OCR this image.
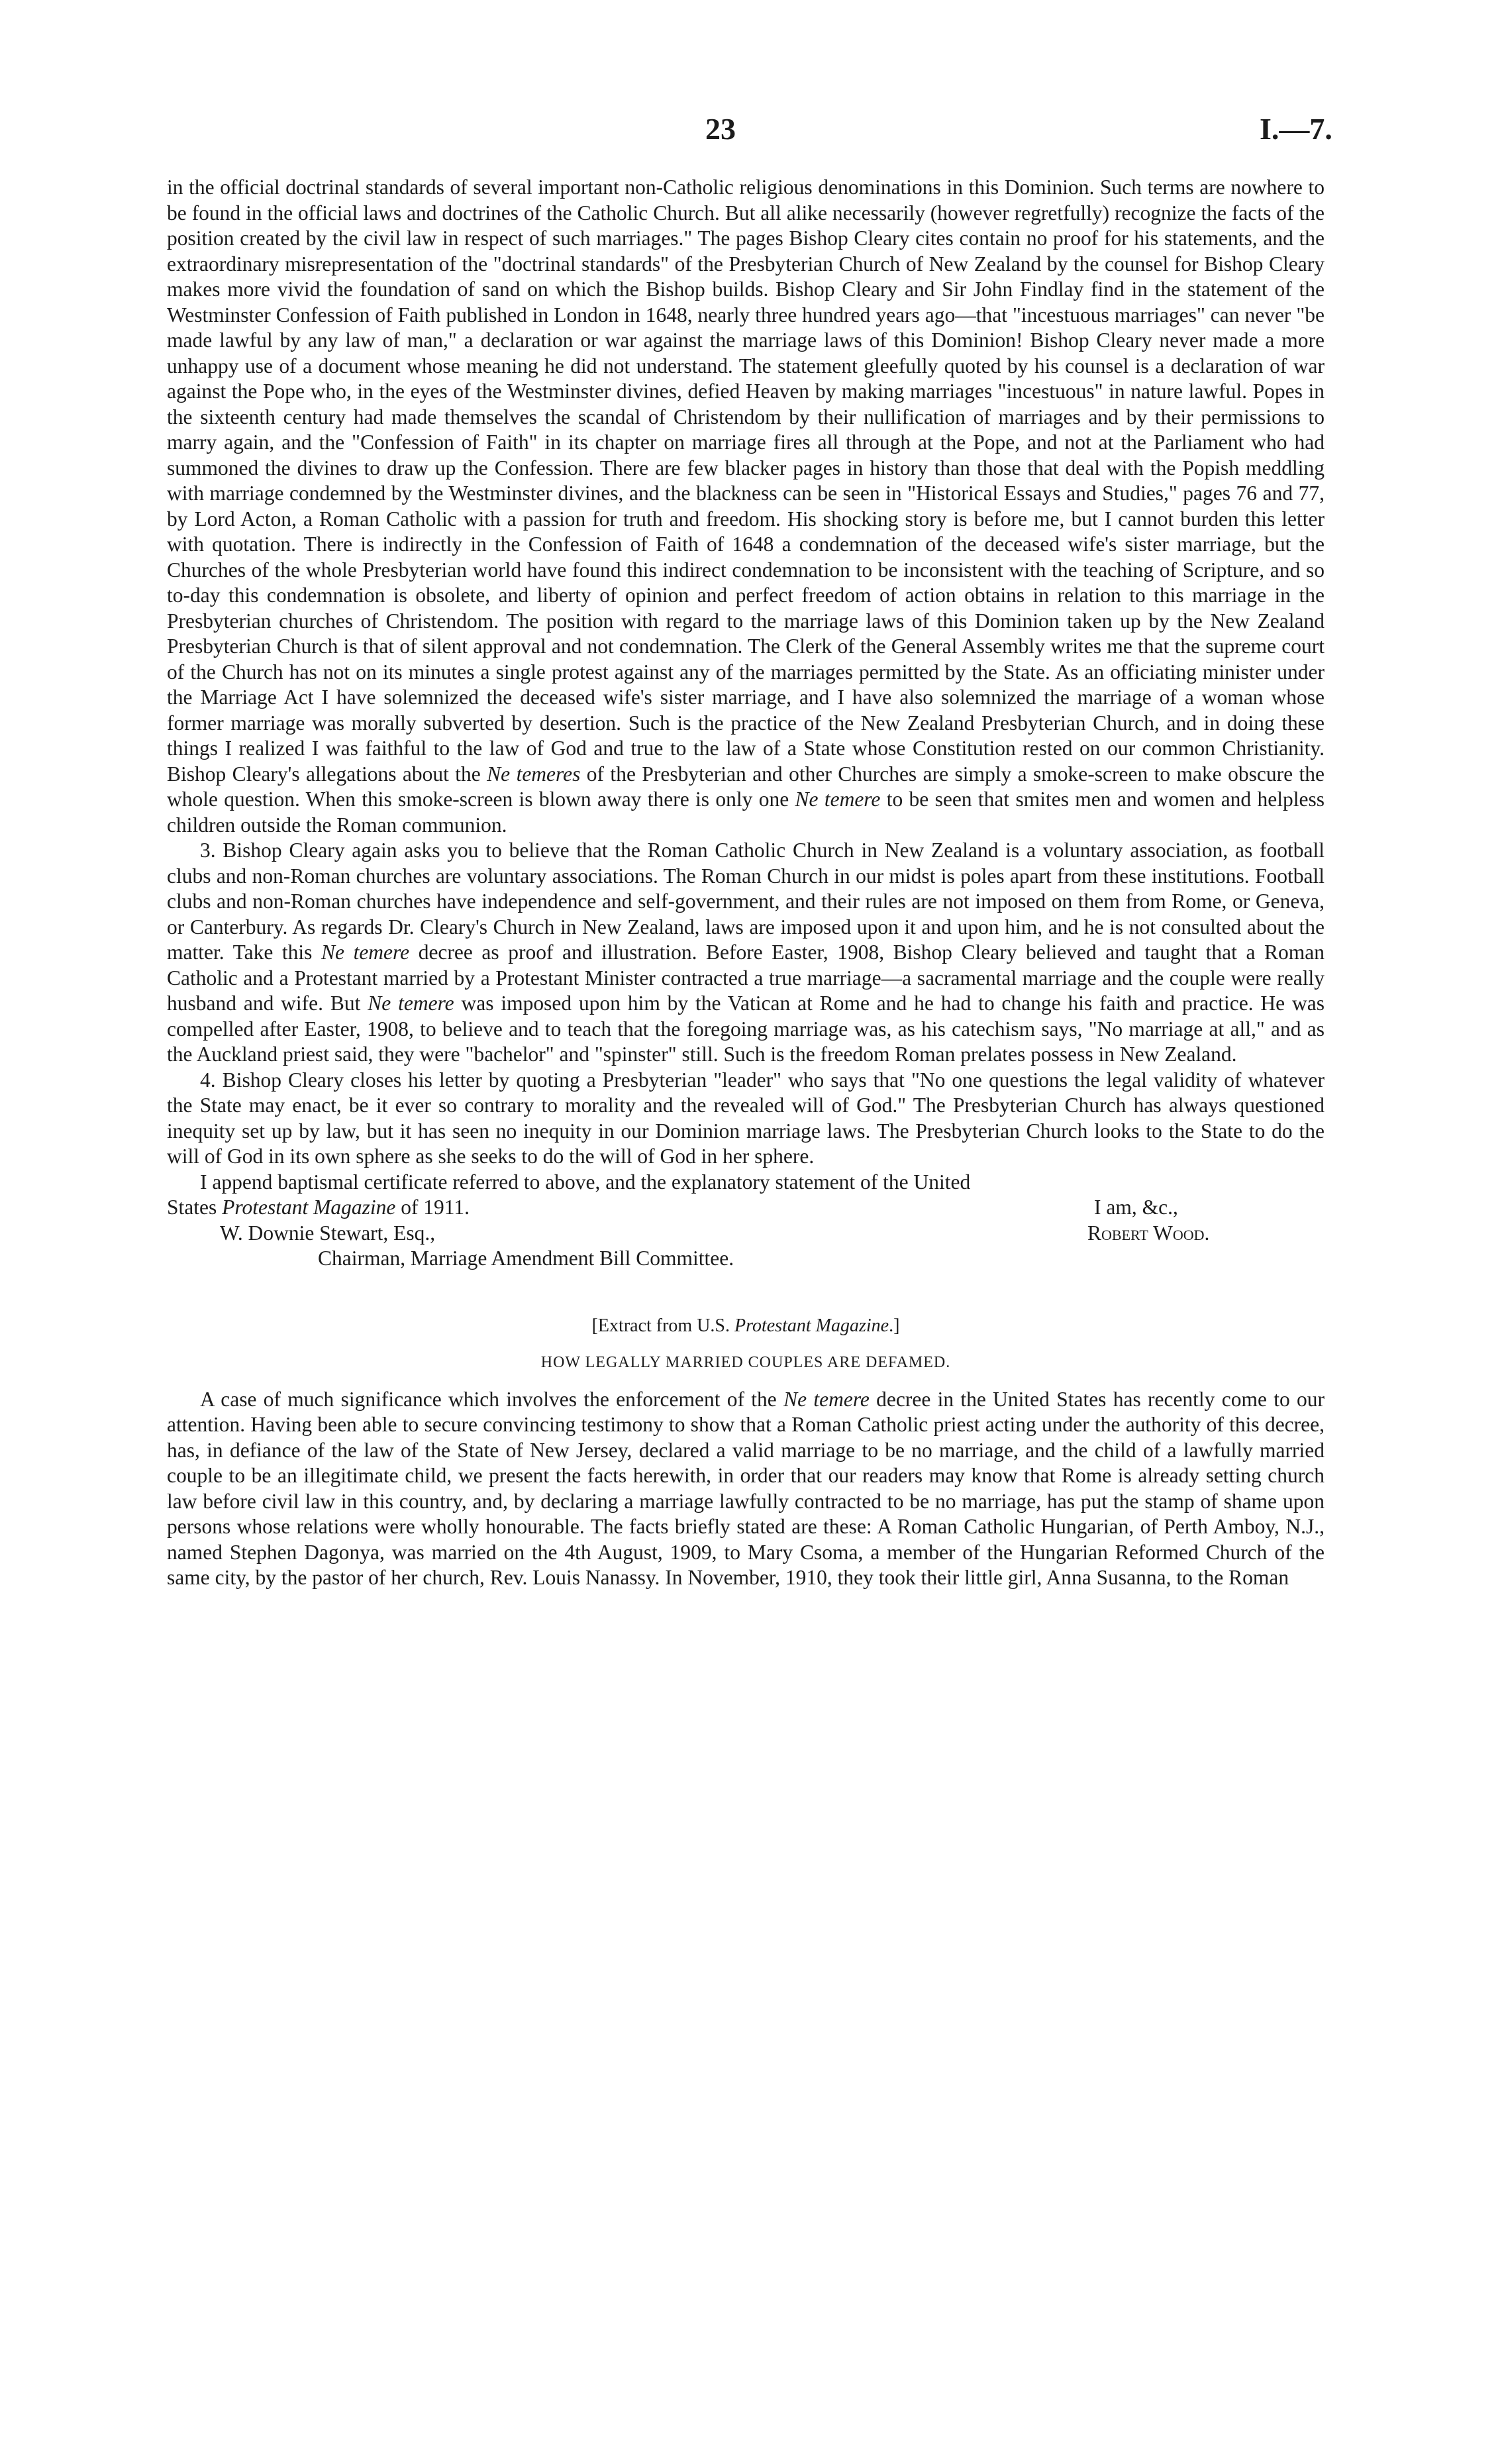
23	I.—7.

in the official doctrinal standards of several important non-Catholic religious denominations in this Dominion. Such terms are nowhere to be found in the official laws and doctrines of the Catholic Church. But all alike necessarily (however regretfully) recognize the facts of the position created by the civil law in respect of such marriages." The pages Bishop Cleary cites contain no proof for his statements, and the extraordinary misrepresentation of the "doctrinal standards" of the Presbyterian Church of New Zealand by the counsel for Bishop Cleary makes more vivid the foundation of sand on which the Bishop builds. Bishop Cleary and Sir John Findlay find in the statement of the Westminster Confession of Faith published in London in 1648, nearly three hundred years ago—that "incestuous marriages" can never "be made lawful by any law of man," a declaration or war against the marriage laws of this Dominion! Bishop Cleary never made a more unhappy use of a document whose meaning he did not understand. The statement gleefully quoted by his counsel is a declaration of war against the Pope who, in the eyes of the Westminster divines, defied Heaven by making marriages "incestuous" in nature lawful. Popes in the sixteenth century had made themselves the scandal of Christendom by their nullification of marriages and by their permissions to marry again, and the "Confession of Faith" in its chapter on marriage fires all through at the Pope, and not at the Parliament who had summoned the divines to draw up the Confession. There are few blacker pages in history than those that deal with the Popish meddling with marriage condemned by the Westminster divines, and the blackness can be seen in "Historical Essays and Studies," pages 76 and 77, by Lord Acton, a Roman Catholic with a passion for truth and freedom. His shocking story is before me, but I cannot burden this letter with quotation. There is indirectly in the Confession of Faith of 1648 a condemnation of the deceased wife's sister marriage, but the Churches of the whole Presbyterian world have found this indirect condemnation to be inconsistent with the teaching of Scripture, and so to-day this condemnation is obsolete, and liberty of opinion and perfect freedom of action obtains in relation to this marriage in the Presbyterian churches of Christendom. The position with regard to the marriage laws of this Dominion taken up by the New Zealand Presbyterian Church is that of silent approval and not condemnation. The Clerk of the General Assembly writes me that the supreme court of the Church has not on its minutes a single protest against any of the marriages permitted by the State. As an officiating minister under the Marriage Act I have solemnized the deceased wife's sister marriage, and I have also solemnized the marriage of a woman whose former marriage was morally subverted by desertion. Such is the practice of the New Zealand Presbyterian Church, and in doing these things I realized I was faithful to the law of God and true to the law of a State whose Constitution rested on our common Christianity. Bishop Cleary's allegations about the Ne temeres of the Presbyterian and other Churches are simply a smoke-screen to make obscure the whole question. When this smoke-screen is blown away there is only one Ne temere to be seen that smites men and women and helpless children outside the Roman communion.

3. Bishop Cleary again asks you to believe that the Roman Catholic Church in New Zealand is a voluntary association, as football clubs and non-Roman churches are voluntary associations. The Roman Church in our midst is poles apart from these institutions. Football clubs and non-Roman churches have independence and self-government, and their rules are not imposed on them from Rome, or Geneva, or Canterbury. As regards Dr. Cleary's Church in New Zealand, laws are imposed upon it and upon him, and he is not consulted about the matter. Take this Ne temere decree as proof and illustration. Before Easter, 1908, Bishop Cleary believed and taught that a Roman Catholic and a Protestant married by a Protestant Minister contracted a true marriage—a sacramental marriage and the couple were really husband and wife. But Ne temere was imposed upon him by the Vatican at Rome and he had to change his faith and practice. He was compelled after Easter, 1908, to believe and to teach that the foregoing marriage was, as his catechism says, "No marriage at all," and as the Auckland priest said, they were "bachelor" and "spinster" still. Such is the freedom Roman prelates possess in New Zealand.

4. Bishop Cleary closes his letter by quoting a Presbyterian "leader" who says that "No one questions the legal validity of whatever the State may enact, be it ever so contrary to morality and the revealed will of God." The Presbyterian Church has always questioned inequity set up by law, but it has seen no inequity in our Dominion marriage laws. The Presbyterian Church looks to the State to do the will of God in its own sphere as she seeks to do the will of God in her sphere.

I append baptismal certificate referred to above, and the explanatory statement of the United

States Protestant Magazine of 1911.	I am, &c.,
W. Downie Stewart, Esq.,	Robert Wood.
Chairman, Marriage Amendment Bill Committee.
[Extract from U.S. Protestant Magazine.]
HOW LEGALLY MARRIED COUPLES ARE DEFAMED.

A case of much significance which involves the enforcement of the Ne temere decree in the United States has recently come to our attention. Having been able to secure convincing testimony to show that a Roman Catholic priest acting under the authority of this decree, has, in defiance of the law of the State of New Jersey, declared a valid marriage to be no marriage, and the child of a lawfully married couple to be an illegitimate child, we present the facts herewith, in order that our readers may know that Rome is already setting church law before civil law in this country, and, by declaring a marriage lawfully contracted to be no marriage, has put the stamp of shame upon persons whose relations were wholly honourable. The facts briefly stated are these: A Roman Catholic Hungarian, of Perth Amboy, N.J., named Stephen Dagonya, was married on the 4th August, 1909, to Mary Csoma, a member of the Hungarian Reformed Church of the same city, by the pastor of her church, Rev. Louis Nanassy. In November, 1910, they took their little girl, Anna Susanna, to the Roman
